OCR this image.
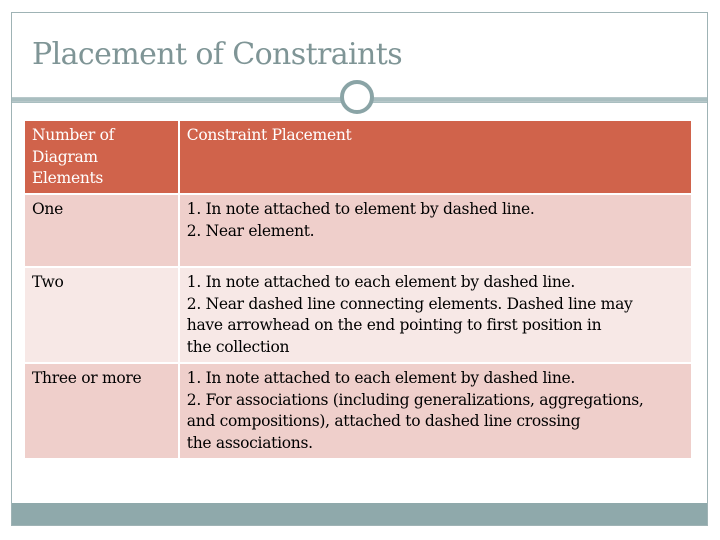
Placement of Constraints
Number of
Diagram
Elements	Constraint Placement

One	1. In note attached to element by dashed line.
2. Near element.

Two	1. In note attached to each element by dashed line.
2. Near dashed line connecting elements. Dashed line may
have arrowhead on the end pointing to first position in
the collection

Three or more	1. In note attached to each element by dashed line.
2. For associations (including generalizations, aggregations,
and compositions), attached to dashed line crossing
the associations.
